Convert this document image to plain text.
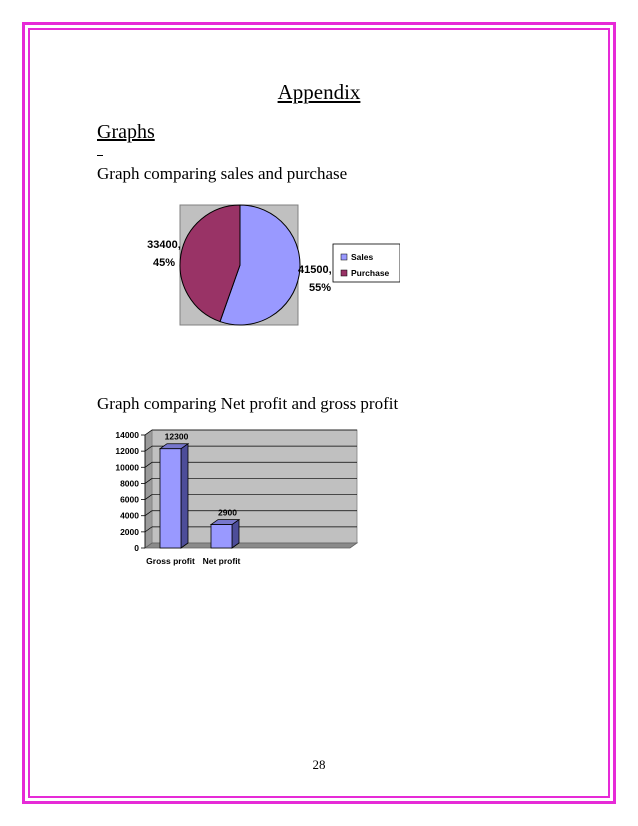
Appendix
Graphs
Graph comparing sales and purchase
41500,
55%
33400,
45%	Sales
Purchase
Graph comparing Net profit and gross profit
0
2000
4000
6000
8000
10000
12000
14000	12300
2900
Gross profit Net profit
28
